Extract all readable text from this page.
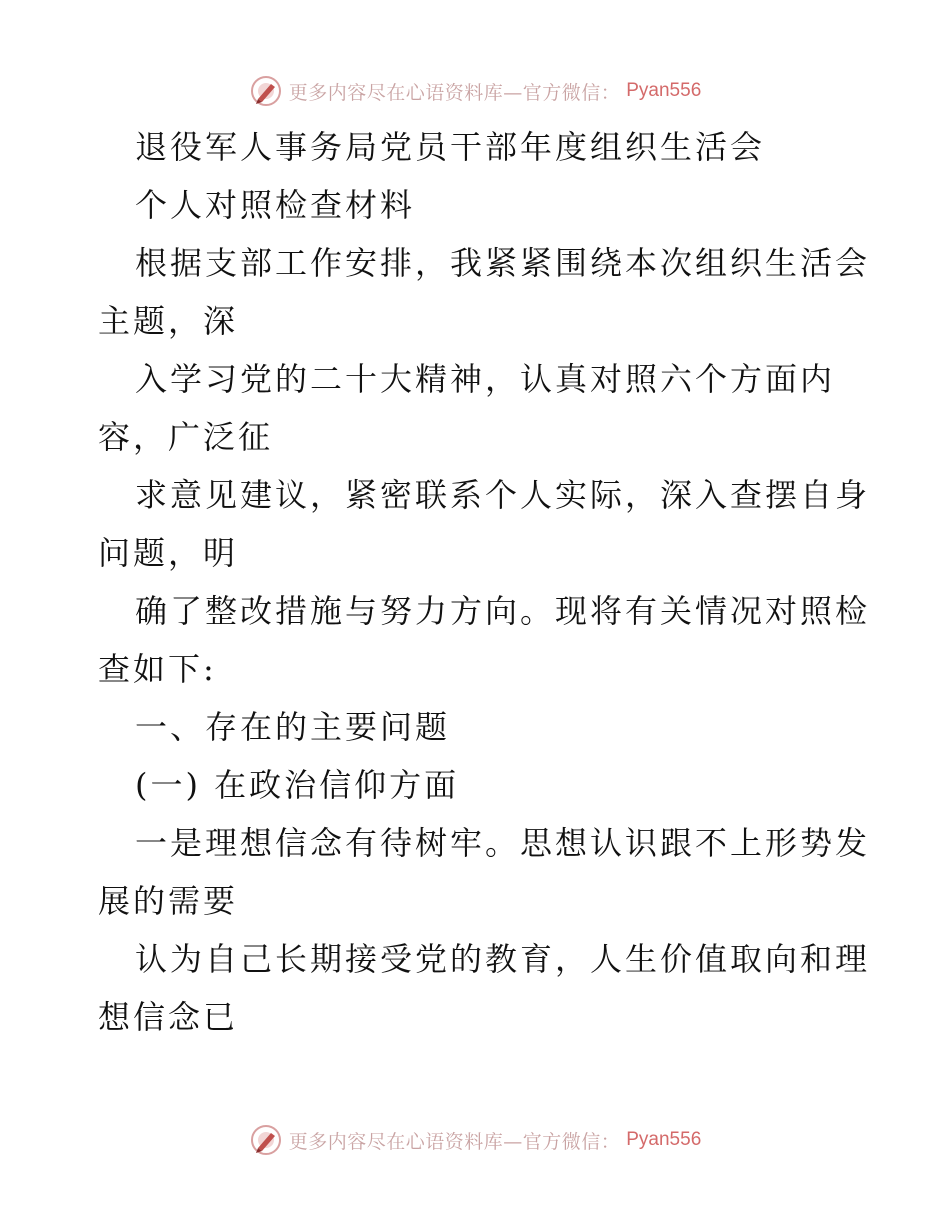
更多内容尽在心语资料库—官方微信： Pyan556
退役军人事务局党员干部年度组织生活会
个人对照检查材料
根据支部工作安排，我紧紧围绕本次组织生活会
主题，深
入学习党的二十大精神，认真对照六个方面内
容，广泛征
求意见建议，紧密联系个人实际，深入查摆自身
问题，明
确了整改措施与努力方向。现将有关情况对照检
查如下:
一、存在的主要问题
(一) 在政治信仰方面
一是理想信念有待树牢。思想认识跟不上形势发
展的需要
认为自己长期接受党的教育，人生价值取向和理
想信念已
更多内容尽在心语资料库—官方微信： Pyan556
